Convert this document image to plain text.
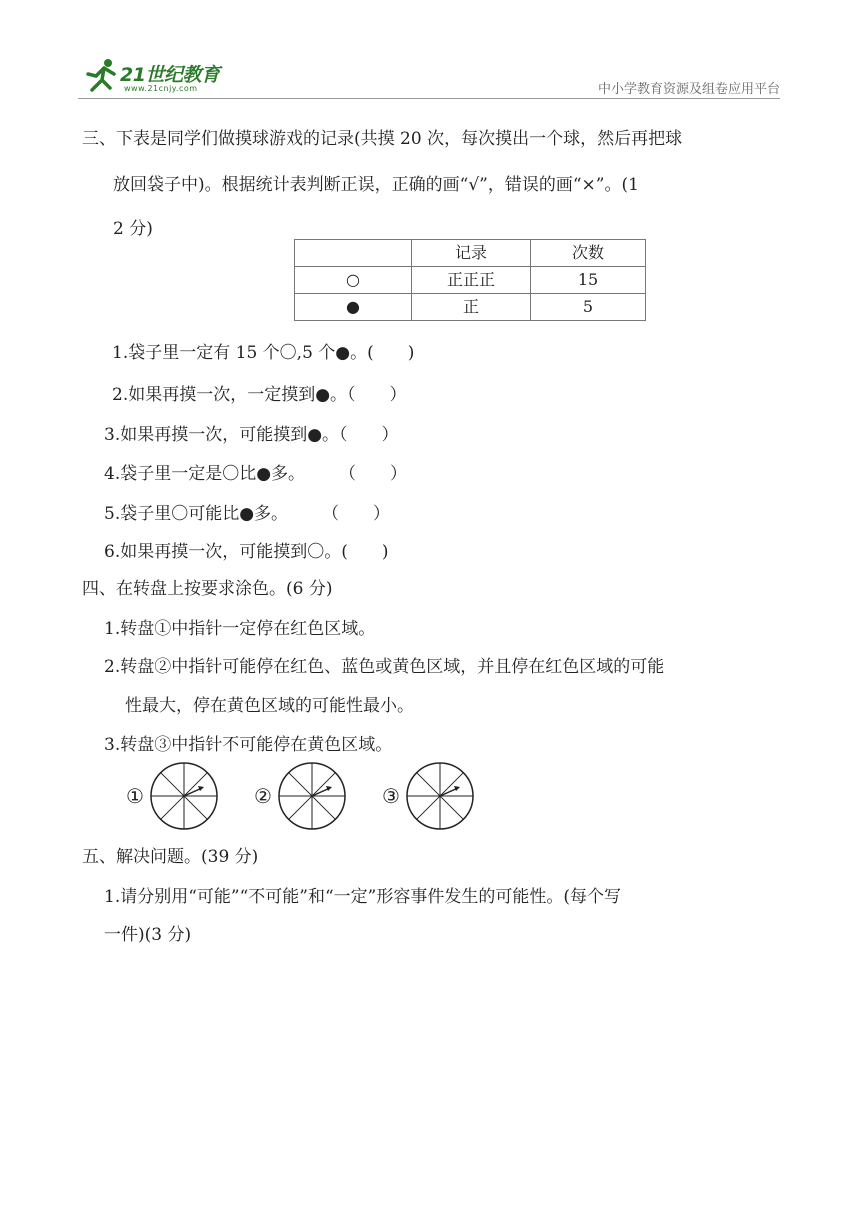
21世纪教育
www.21cnjy.com	中小学教育资源及组卷应用平台
三、下表是同学们做摸球游戏的记录(共摸 20 次，每次摸出一个球，然后再把球
放回袋子中)。根据统计表判断正误，正确的画“√”，错误的画“×”。(1
2 分)
	记录	次数
○	正正正	15
●	正	5
1.袋子里一定有 15 个〇,5 个●。(　　)
2.如果再摸一次，一定摸到●。（　　）
3.如果再摸一次，可能摸到●。（　　）
4.袋子里一定是〇比●多。　　　（　　）
5.袋子里〇可能比●多。　　　（　　）
6.如果再摸一次，可能摸到〇。(　　)
四、在转盘上按要求涂色。(6 分)
1.转盘①中指针一定停在红色区域。
2.转盘②中指针可能停在红色、蓝色或黄色区域，并且停在红色区域的可能
性最大，停在黄色区域的可能性最小。
3.转盘③中指针不可能停在黄色区域。
①	②	③
五、解决问题。(39 分)
1.请分别用“可能”“不可能”和“一定”形容事件发生的可能性。(每个写
一件)(3 分)
